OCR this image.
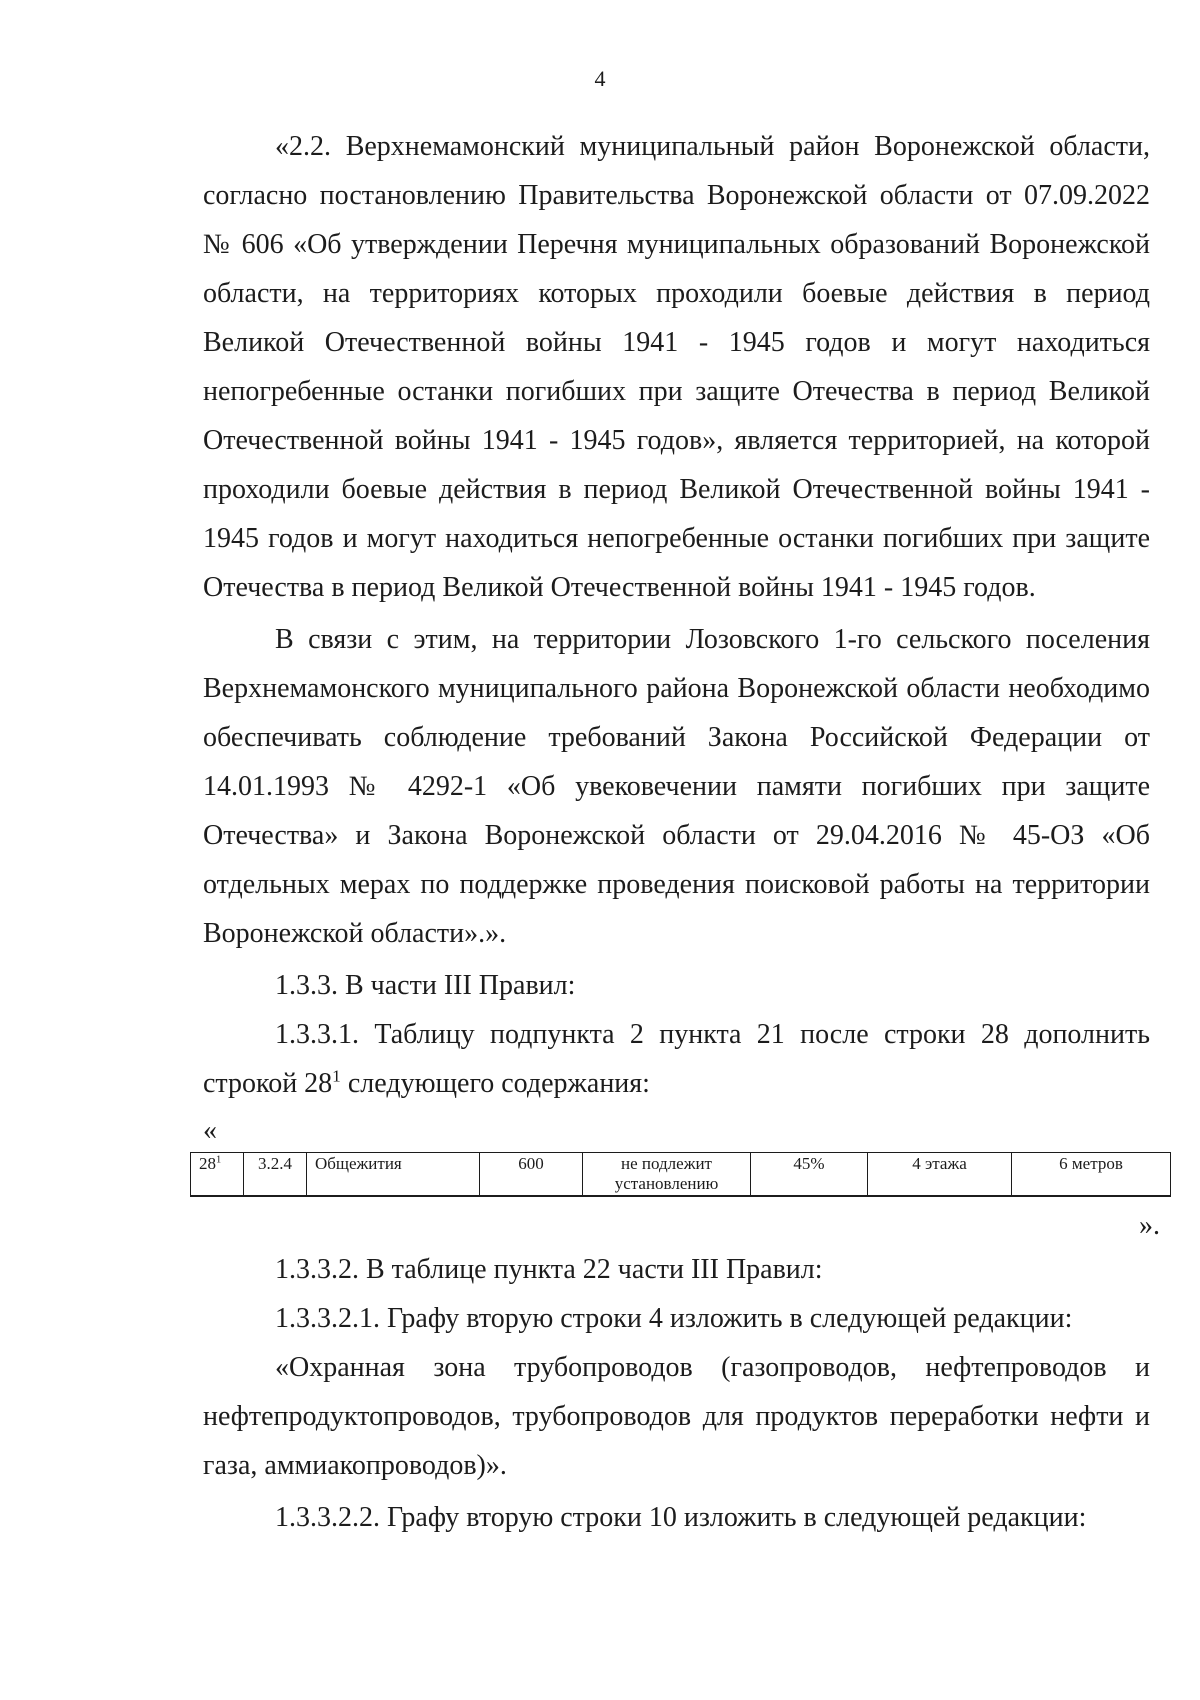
4

«2.2. Верхнемамонский муниципальный район Воронежской области, согласно постановлению Правительства Воронежской области от 07.09.2022 № 606 «Об утверждении Перечня муниципальных образований Воронежской области, на территориях которых проходили боевые действия в период Великой Отечественной войны 1941 - 1945 годов и могут находиться непогребенные останки погибших при защите Отечества в период Великой Отечественной войны 1941 - 1945 годов», является территорией, на которой проходили боевые действия в период Великой Отечественной войны 1941 - 1945 годов и могут находиться непогребенные останки погибших при защите Отечества в период Великой Отечественной войны 1941 - 1945 годов.

В связи с этим, на территории Лозовского 1-го сельского поселения Верхнемамонского муниципального района Воронежской области необходимо обеспечивать соблюдение требований Закона Российской Федерации от 14.01.1993 № 4292-1 «Об увековечении памяти погибших при защите Отечества» и Закона Воронежской области от 29.04.2016 № 45-ОЗ «Об отдельных мерах по поддержке проведения поисковой работы на территории Воронежской области».».

1.3.3. В части III Правил:

1.3.3.1. Таблицу подпункта 2 пункта 21 после строки 28 дополнить строкой $28^1$ следующего содержания:

«
$28^1$	3.2.4	Общежития	600	не подлежит установлению	45%	4 этажа	6 метров
».

1.3.3.2. В таблице пункта 22 части III Правил:

1.3.3.2.1. Графу вторую строки 4 изложить в следующей редакции:

«Охранная зона трубопроводов (газопроводов, нефтепроводов и нефтепродуктопроводов, трубопроводов для продуктов переработки нефти и газа, аммиакопроводов)».

1.3.3.2.2. Графу вторую строки 10 изложить в следующей редакции:
